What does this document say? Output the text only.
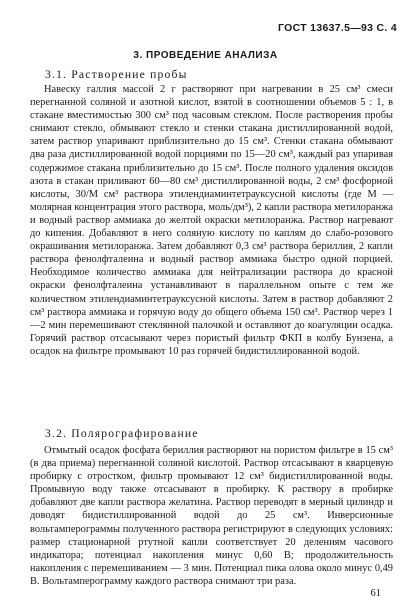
ГОСТ 13637.5—93 С. 4
3. ПРОВЕДЕНИЕ АНАЛИЗА
3.1. Растворение пробы

Навеску галлия массой 2 г растворяют при нагревании в 25 см³ смеси перегнанной соляной и азотной кислот, взятой в соотношении объемов 5 : 1, в стакане вместимостью 300 см³ под часовым стеклом. После растворения пробы снимают стекло, обмывают стекло и стенки стакана дистиллированной водой, затем раствор упаривают приблизительно до 15 см³. Стенки стакана обмывают два раза дистиллированной водой порциями по 15—20 см³, каждый раз упаривая содержимое стакана приблизительно до 15 см³. После полного удаления оксидов азота в стакан приливают 60—80 см³ дистиллированной воды, 2 см³ фосфорной кислоты, 30/М см³ раствора этилендиаминтетрауксусной кислоты (где М — молярная концентрация этого раствора, моль/дм³), 2 капли раствора метилоранжа и водный раствор аммиака до желтой окраски метилоранжа. Раствор нагревают до кипения. Добавляют в него соляную кислоту по каплям до слабо-розового окрашивания метилоранжа. Затем добавляют 0,3 см³ раствора бериллия, 2 капли раствора фенолфталеина и водный раствор аммиака быстро одной порцией. Необходимое количество аммиака для нейтрализации раствора до красной окраски фенолфталеина устанавливают в параллельном опыте с тем же количеством этилендиаминтетрауксусной кислоты. Затем в раствор добавляют 2 см³ раствора аммиака и горячую воду до общего объема 150 см³. Раствор через 1—2 мин перемешивают стеклянной палочкой и оставляют до коагуляции осадка. Горячий раствор отсасывают через пористый фильтр ФКП в колбу Бунзена, а осадок на фильтре промывают 10 раз горячей бидистиллированной водой.

3.2. Полярографирование

Отмытый осадок фосфата бериллия растворяют на пористом фильтре в 15 см³ (в два приема) перегнанной соляной кислотой. Раствор отсасывают в кварцевую пробирку с отростком, фильтр промывают 12 см³ бидистиллированной воды. Промывную воду также отсасывают в пробирку. К раствору в пробирке добавляют две капли раствора желатина. Раствор переводят в мерный цилиндр и доводят бидистиллированной водой до 25 см³. Инверсионные вольтамперограммы полученного раствора регистрируют в следующих условиях: размер стационарной ртутной капли соответствует 20 делениям часового индикатора; потенциал накопления минус 0,60 В; продолжительность накопления с перемешиванием — 3 мин. Потенциал пика олова около минус 0,49 В. Вольтамперограмму каждого раствора снимают три раза.

61
